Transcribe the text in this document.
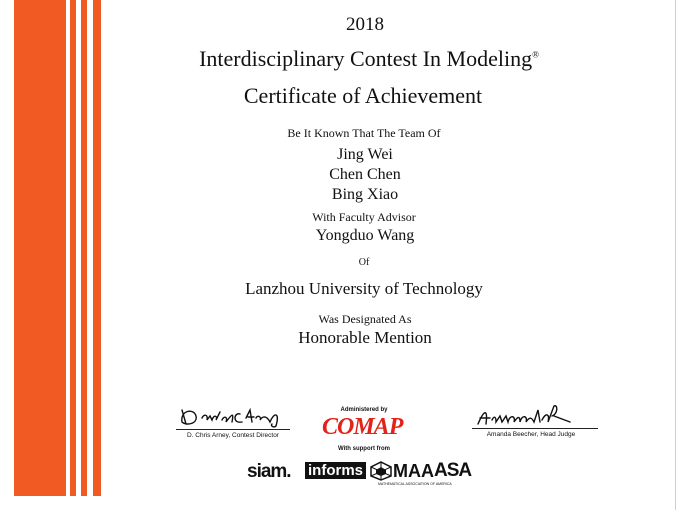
2018
Interdisciplinary Contest In Modeling®
Certificate of Achievement
Be It Known That The Team Of
Jing Wei
Chen Chen
Bing Xiao
With Faculty Advisor
Yongduo Wang
Of
Lanzhou University of Technology
Was Designated As
Honorable Mention
D. Chris Arney, Contest Director
Administered by
COMAP
With support from
Amanda Beecher, Head Judge
siam. informs MAA
MATHEMATICAL ASSOCIATION OF AMERICA
ASA
